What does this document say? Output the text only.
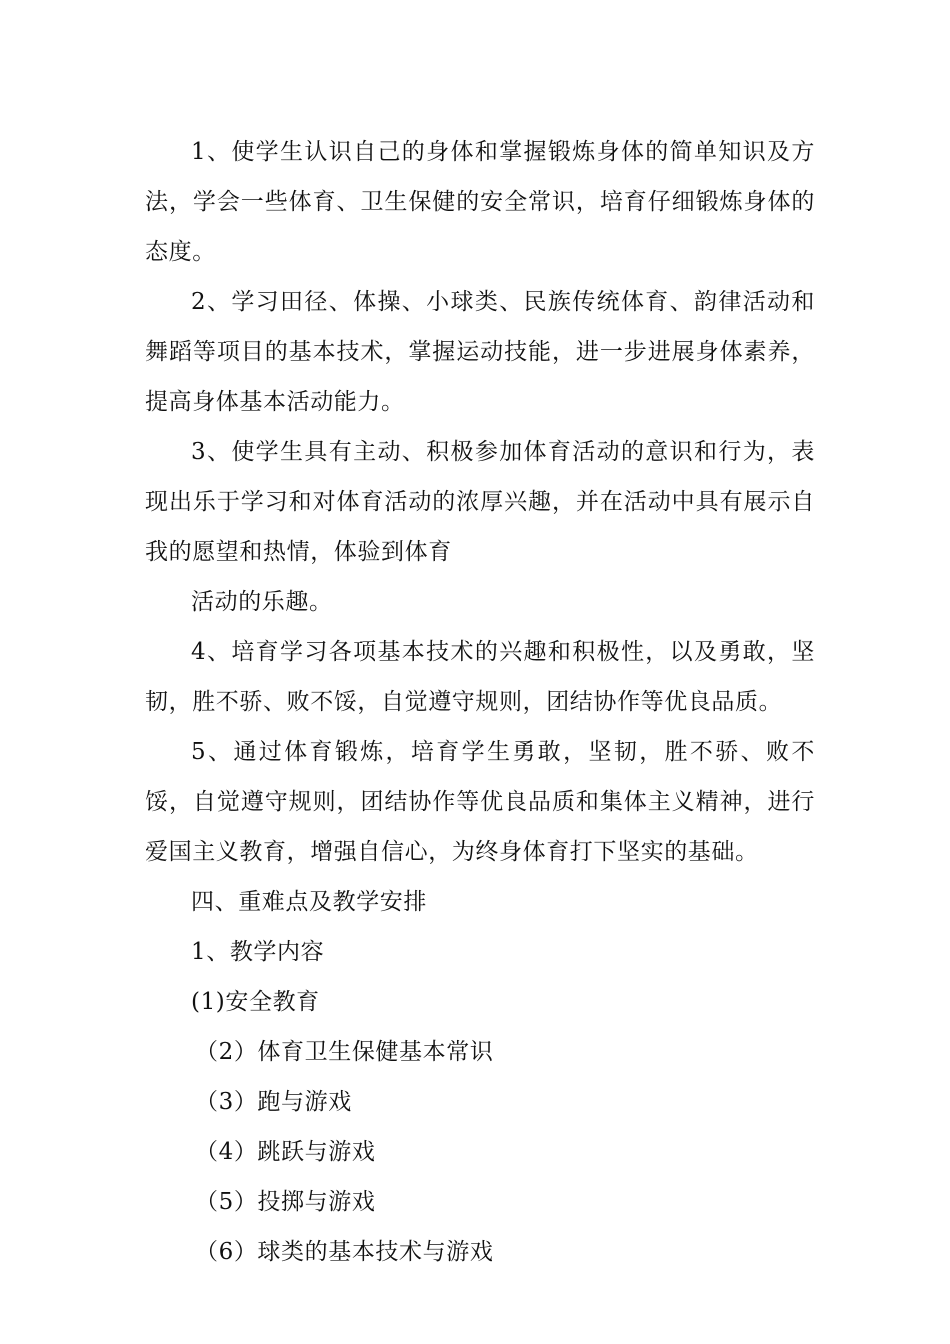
1、使学生认识自己的身体和掌握锻炼身体的简单知识及方法，学会一些体育、卫生保健的安全常识，培育仔细锻炼身体的态度。

2、学习田径、体操、小球类、民族传统体育、韵律活动和舞蹈等项目的基本技术，掌握运动技能，进一步进展身体素养，提高身体基本活动能力。

3、使学生具有主动、积极参加体育活动的意识和行为，表现出乐于学习和对体育活动的浓厚兴趣，并在活动中具有展示自我的愿望和热情，体验到体育

活动的乐趣。

4、培育学习各项基本技术的兴趣和积极性，以及勇敢，坚韧，胜不骄、败不馁，自觉遵守规则，团结协作等优良品质。

5、通过体育锻炼，培育学生勇敢，坚韧，胜不骄、败不馁，自觉遵守规则，团结协作等优良品质和集体主义精神，进行爱国主义教育，增强自信心，为终身体育打下坚实的基础。

四、重难点及教学安排

1、教学内容

(1)安全教育

（2）体育卫生保健基本常识

（3）跑与游戏

（4）跳跃与游戏

（5）投掷与游戏

（6）球类的基本技术与游戏
